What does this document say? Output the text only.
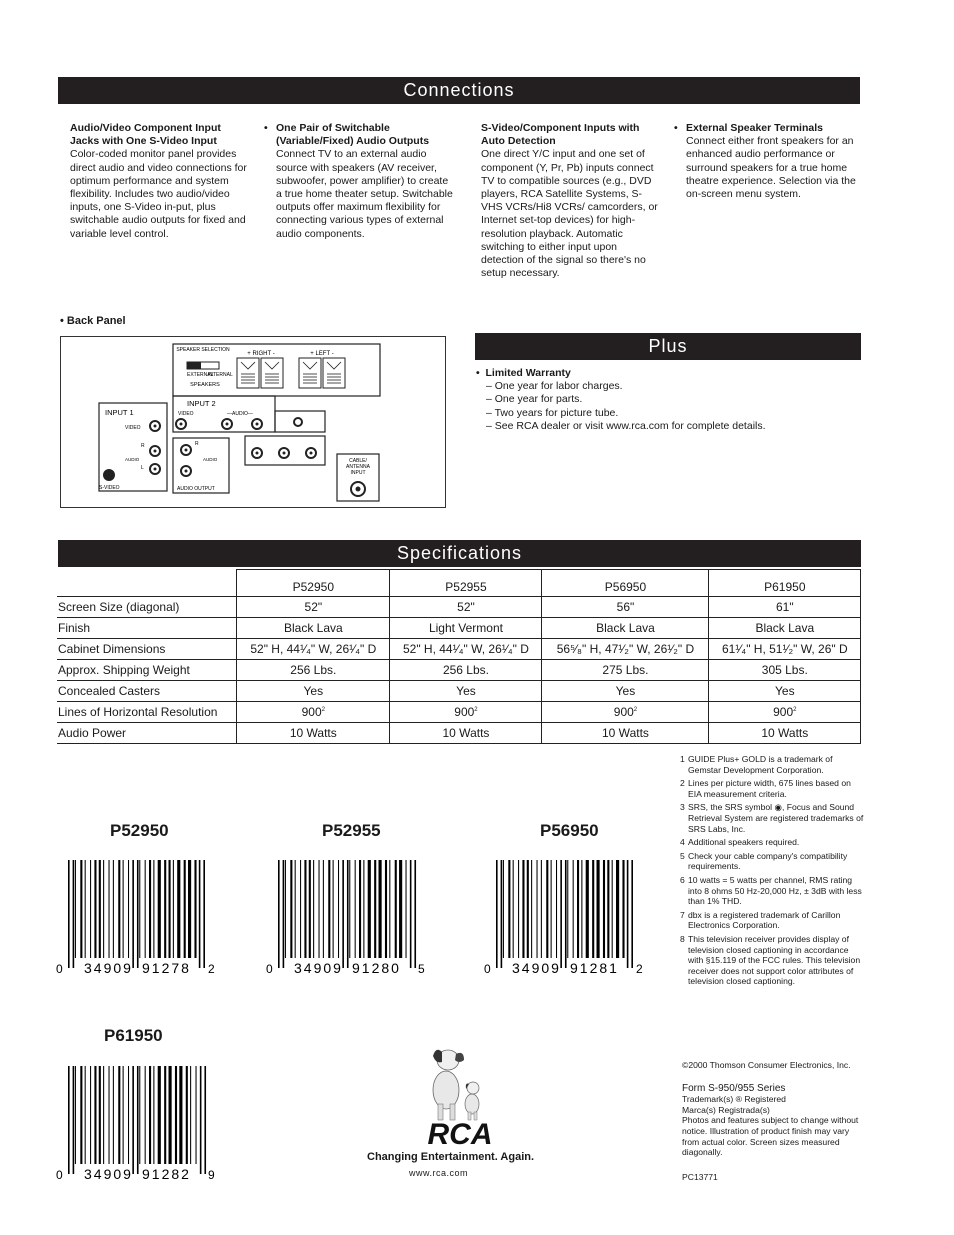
Connections
Audio/Video Component Input Jacks with One S-Video Input
Color-coded monitor panel provides direct audio and video connections for optimum performance and system flexibility. Includes two audio/video inputs, one S-Video in-put, plus switchable audio outputs for fixed and variable level control.
• One Pair of Switchable (Variable/Fixed) Audio Outputs
Connect TV to an external audio source with speakers (AV receiver, subwoofer, power amplifier) to create a true home theater setup. Switchable outputs offer maximum flexibility for connecting various types of external audio components.
S-Video/Component Inputs with Auto Detection
One direct Y/C input and one set of component (Y, Pr, Pb) inputs connect TV to compatible sources (e.g., DVD players, RCA Satellite Systems, S-VHS VCRs/Hi8 VCRs/ camcorders, or Internet set-top devices) for high-resolution playback. Automatic switching to either input upon detection of the signal so there's no setup necessary.
• External Speaker Terminals
Connect either front speakers for an enhanced audio performance or surround speakers for a true home theatre experience. Selection via the on-screen menu system.
• Back Panel
SPEAKER SELECTION
EXTERNAL
INTERNAL
SPEAKERS
+ RIGHT -	+ LEFT -
INPUT 1
VIDEO
AUDIO
R
L
S-VIDEO
INPUT 2
VIDEO	—AUDIO—
AUDIO OUTPUT
R
AUDIO	CABLE/
ANTENNA
INPUT
Plus
•  Limited Warranty
– One year for labor charges.
– One year for parts.
– Two years for picture tube.
– See RCA dealer or visit www.rca.com for complete details.
Specifications
	P52950	P52955	P56950	P61950
Screen Size (diagonal)	52"	52"	56"	61"
Finish	Black Lava	Light Vermont	Black Lava	Black Lava
Cabinet Dimensions	52" H, 44¹⁄₄" W, 26¹⁄₄" D	52" H, 44¹⁄₄" W, 26¹⁄₄" D	56⁵⁄₈" H, 47¹⁄₂" W, 26¹⁄₂" D	61¹⁄₄" H, 51¹⁄₂" W, 26" D
Approx. Shipping Weight	256 Lbs.	256 Lbs.	275 Lbs.	305 Lbs.
Concealed Casters	Yes	Yes	Yes	Yes
Lines of Horizontal Resolution	$900^2$	$900^2$	$900^2$	$900^2$
Audio Power	10 Watts	10 Watts	10 Watts	10 Watts
1 GUIDE Plus+ GOLD is a trademark of Gemstar Development Corporation.
2 Lines per picture width, 675 lines based on EIA measurement criteria.
3 SRS, the SRS symbol ◉, Focus and Sound Retrieval System are registered trademarks of SRS Labs, Inc.
4 Additional speakers required.
5 Check your cable company's compatibility requirements.
6 10 watts = 5 watts per channel, RMS rating into 8 ohms 50 Hz-20,000 Hz, ± 3dB with less than 1% THD.
7 dbx is a registered trademark of Carillon Electronics Corporation.
8 This television receiver provides display of television closed captioning in accordance with §15.119 of the FCC rules. This television receiver does not support color attributes of television closed captioning.
P52950	P52955	P56950
P61950
0 34909 91278 2	0 34909 91280 5	0 34909 91281 2
0 34909 91282 9
RCA
Changing Entertainment. Again.
www.rca.com
©2000 Thomson Consumer Electronics, Inc.
Form S-950/955 Series
Trademark(s) ® Registered
Marca(s) Registrada(s)
Photos and features subject to change without notice. Illustration of product finish may vary from actual color. Screen sizes measured diagonally.
PC13771
